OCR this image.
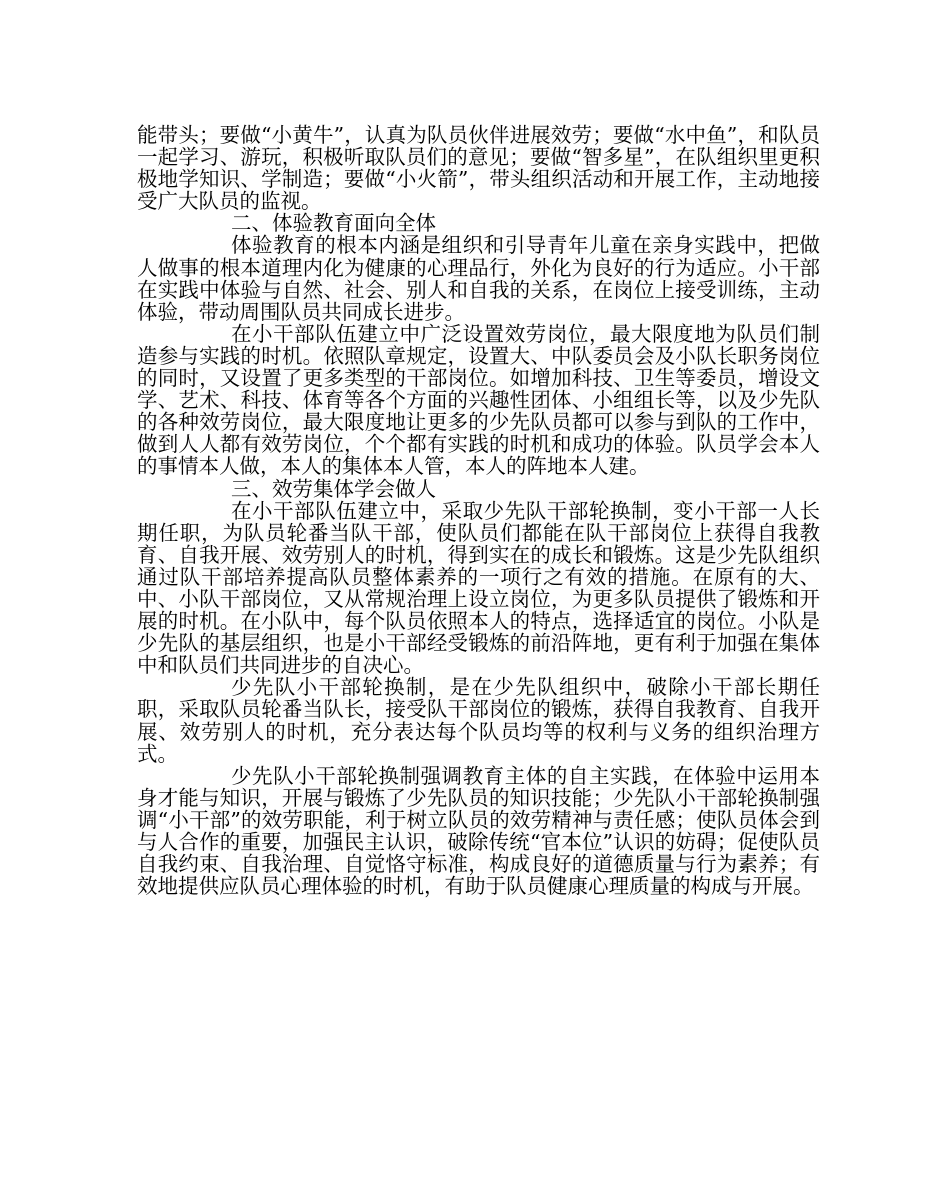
能带头；要做“小黄牛”，认真为队员伙伴进展效劳；要做“水中鱼”，和队员一起学习、游玩，积极听取队员们的意见；要做“智多星”，在队组织里更积极地学知识、学制造；要做“小火箭”，带头组织活动和开展工作，主动地接受广大队员的监视。

二、体验教育面向全体

体验教育的根本内涵是组织和引导青年儿童在亲身实践中，把做人做事的根本道理内化为健康的心理品行，外化为良好的行为适应。小干部在实践中体验与自然、社会、别人和自我的关系，在岗位上接受训练，主动体验，带动周围队员共同成长进步。

在小干部队伍建立中广泛设置效劳岗位，最大限度地为队员们制造参与实践的时机。依照队章规定，设置大、中队委员会及小队长职务岗位的同时，又设置了更多类型的干部岗位。如增加科技、卫生等委员，增设文学、艺术、科技、体育等各个方面的兴趣性团体、小组组长等，以及少先队的各种效劳岗位，最大限度地让更多的少先队员都可以参与到队的工作中，做到人人都有效劳岗位，个个都有实践的时机和成功的体验。队员学会本人的事情本人做，本人的集体本人管，本人的阵地本人建。

三、效劳集体学会做人

在小干部队伍建立中，采取少先队干部轮换制，变小干部一人长期任职，为队员轮番当队干部，使队员们都能在队干部岗位上获得自我教育、自我开展、效劳别人的时机，得到实在的成长和锻炼。这是少先队组织通过队干部培养提高队员整体素养的一项行之有效的措施。在原有的大、中、小队干部岗位，又从常规治理上设立岗位，为更多队员提供了锻炼和开展的时机。在小队中，每个队员依照本人的特点，选择适宜的岗位。小队是少先队的基层组织，也是小干部经受锻炼的前沿阵地，更有利于加强在集体中和队员们共同进步的自决心。

少先队小干部轮换制，是在少先队组织中，破除小干部长期任职，采取队员轮番当队长，接受队干部岗位的锻炼，获得自我教育、自我开展、效劳别人的时机，充分表达每个队员均等的权利与义务的组织治理方式。

少先队小干部轮换制强调教育主体的自主实践，在体验中运用本身才能与知识，开展与锻炼了少先队员的知识技能；少先队小干部轮换制强调“小干部”的效劳职能，利于树立队员的效劳精神与责任感；使队员体会到与人合作的重要，加强民主认识，破除传统“官本位”认识的妨碍；促使队员自我约束、自我治理、自觉恪守标准，构成良好的道德质量与行为素养；有效地提供应队员心理体验的时机，有助于队员健康心理质量的构成与开展。
